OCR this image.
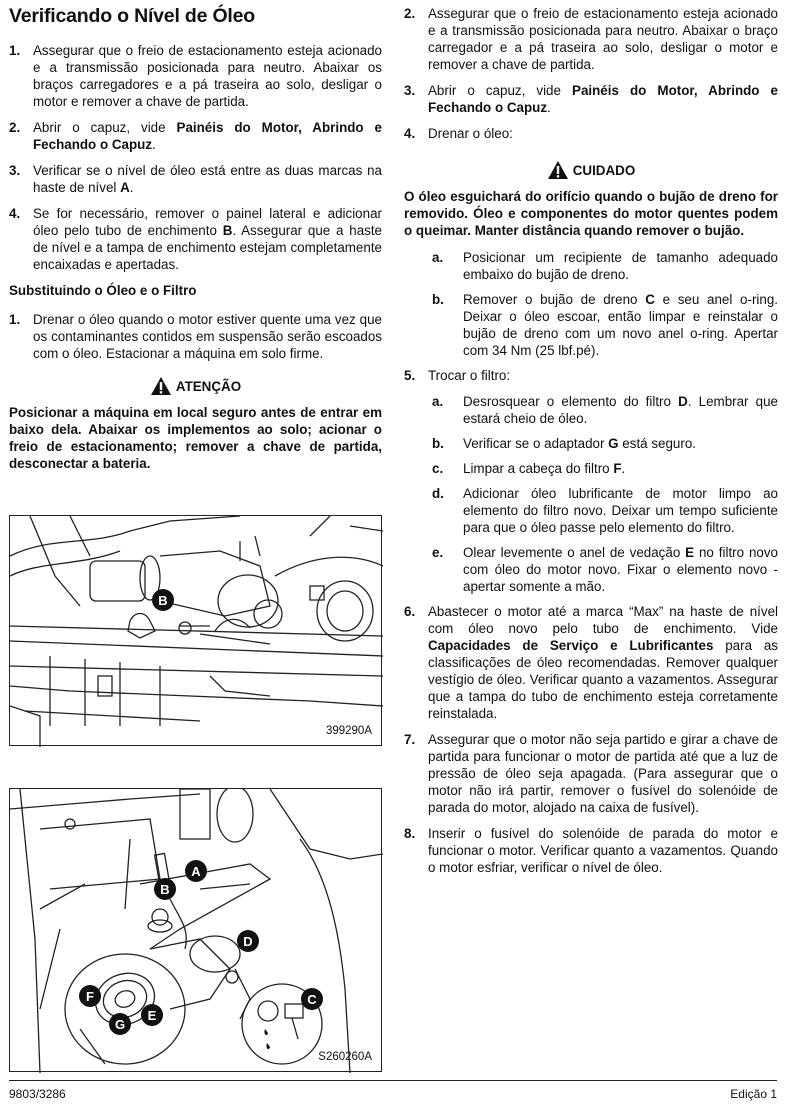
Verificando o Nível de Óleo
1. Assegurar que o freio de estacionamento esteja acionado e a transmissão posicionada para neutro. Abaixar os braços carregadores e a pá traseira ao solo, desligar o motor e remover a chave de partida.
2. Abrir o capuz, vide Painéis do Motor, Abrindo e Fechando o Capuz.
3. Verificar se o nível de óleo está entre as duas marcas na haste de nível A.
4. Se for necessário, remover o painel lateral e adicionar óleo pelo tubo de enchimento B. Assegurar que a haste de nível e a tampa de enchimento estejam completamente encaixadas e apertadas.
Substituindo o Óleo e o Filtro
1. Drenar o óleo quando o motor estiver quente uma vez que os contaminantes contidos em suspensão serão escoados com o óleo. Estacionar a máquina em solo firme.
ATENÇÃO
Posicionar a máquina em local seguro antes de entrar em baixo dela. Abaixar os implementos ao solo; acionar o freio de estacionamento; remover a chave de partida, desconectar a bateria.
B
399290A
A
B
D
C
F
E
G
S260260A
2. Assegurar que o freio de estacionamento esteja acionado e a transmissão posicionada para neutro. Abaixar o braço carregador e a pá traseira ao solo, desligar o motor e remover a chave de partida.
3. Abrir o capuz, vide Painéis do Motor, Abrindo e Fechando o Capuz.
4. Drenar o óleo:
CUIDADO
O óleo esguichará do orifício quando o bujão de dreno for removido. Óleo e componentes do motor quentes podem o queimar. Manter distância quando remover o bujão.
a. Posicionar um recipiente de tamanho adequado embaixo do bujão de dreno.
b. Remover o bujão de dreno C e seu anel o-ring. Deixar o óleo escoar, então limpar e reinstalar o bujão de dreno com um novo anel o-ring. Apertar com 34 Nm (25 lbf.pé).
5. Trocar o filtro:
a. Desrosquear o elemento do filtro D. Lembrar que estará cheio de óleo.
b. Verificar se o adaptador G está seguro.
c. Limpar a cabeça do filtro F.
d. Adicionar óleo lubrificante de motor limpo ao elemento do filtro novo. Deixar um tempo suficiente para que o óleo passe pelo elemento do filtro.
e. Olear levemente o anel de vedação E no filtro novo com óleo do motor novo. Fixar o elemento novo - apertar somente a mão.
6. Abastecer o motor até a marca “Max” na haste de nível com óleo novo pelo tubo de enchimento. Vide Capacidades de Serviço e Lubrificantes para as classificações de óleo recomendadas. Remover qualquer vestígio de óleo. Verificar quanto a vazamentos. Assegurar que a tampa do tubo de enchimento esteja corretamente reinstalada.
7. Assegurar que o motor não seja partido e girar a chave de partida para funcionar o motor de partida até que a luz de pressão de óleo seja apagada. (Para assegurar que o motor não irá partir, remover o fusível do solenóide de parada do motor, alojado na caixa de fusível).
8. Inserir o fusível do solenóide de parada do motor e funcionar o motor. Verificar quanto a vazamentos. Quando o motor esfriar, verificar o nível de óleo.
9803/3286	Edição 1
